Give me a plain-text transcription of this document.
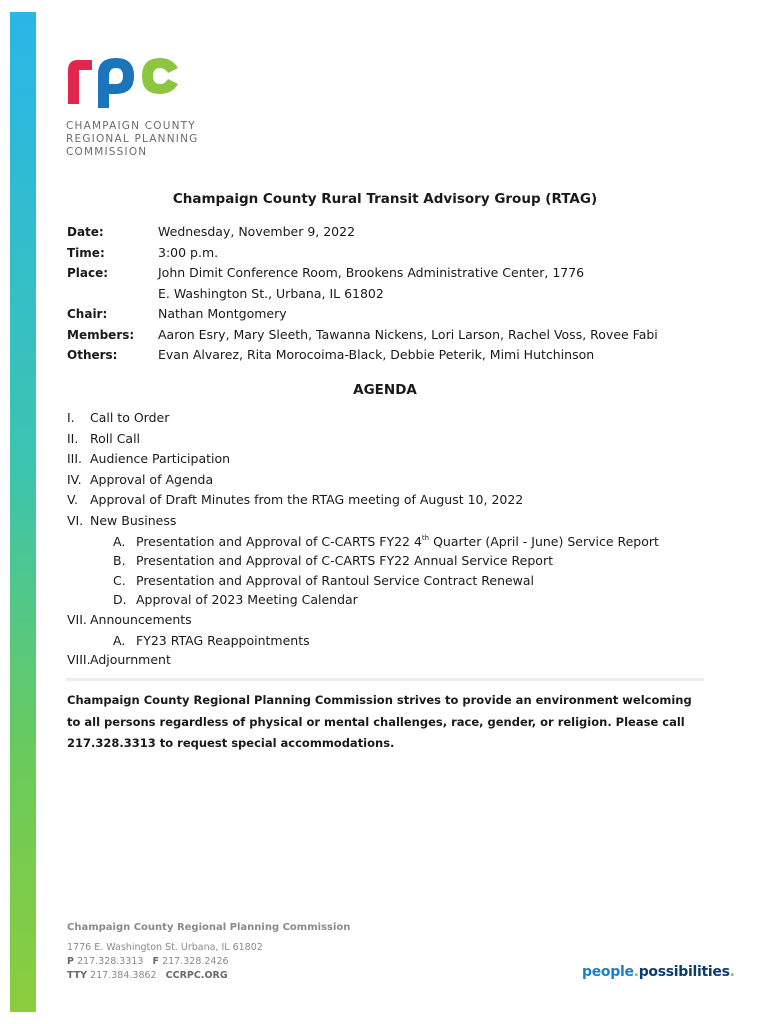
CHAMPAIGN COUNTY
REGIONAL PLANNING
COMMISSION
Champaign County Rural Transit Advisory Group (RTAG)
Date:	Wednesday, November 9, 2022
Time:	3:00 p.m.
Place:	John Dimit Conference Room, Brookens Administrative Center, 1776
E. Washington St., Urbana, IL 61802
Chair:	Nathan Montgomery
Members:	Aaron Esry, Mary Sleeth, Tawanna Nickens, Lori Larson, Rachel Voss, Rovee Fabi
Others:	Evan Alvarez, Rita Morocoima-Black, Debbie Peterik, Mimi Hutchinson
AGENDA
I.	Call to Order
II. Roll Call
III. Audience Participation
IV. Approval of Agenda
V. Approval of Draft Minutes from the RTAG meeting of August 10, 2022
VI. New Business
A. Presentation and Approval of C-CARTS FY22 4th Quarter (April - June) Service Report
B. Presentation and Approval of C-CARTS FY22 Annual Service Report
C. Presentation and Approval of Rantoul Service Contract Renewal
D. Approval of 2023 Meeting Calendar
VII. Announcements
A. FY23 RTAG Reappointments
VIII. Adjournment
Champaign County Regional Planning Commission strives to provide an environment welcoming to all persons regardless of physical or mental challenges, race, gender, or religion. Please call 217.328.3313 to request special accommodations.
Champaign County Regional Planning Commission
1776 E. Washington St. Urbana, IL 61802
P 217.328.3313 F 217.328.2426
TTY 217.384.3862 CCRPC.ORG	people.possibilities.
